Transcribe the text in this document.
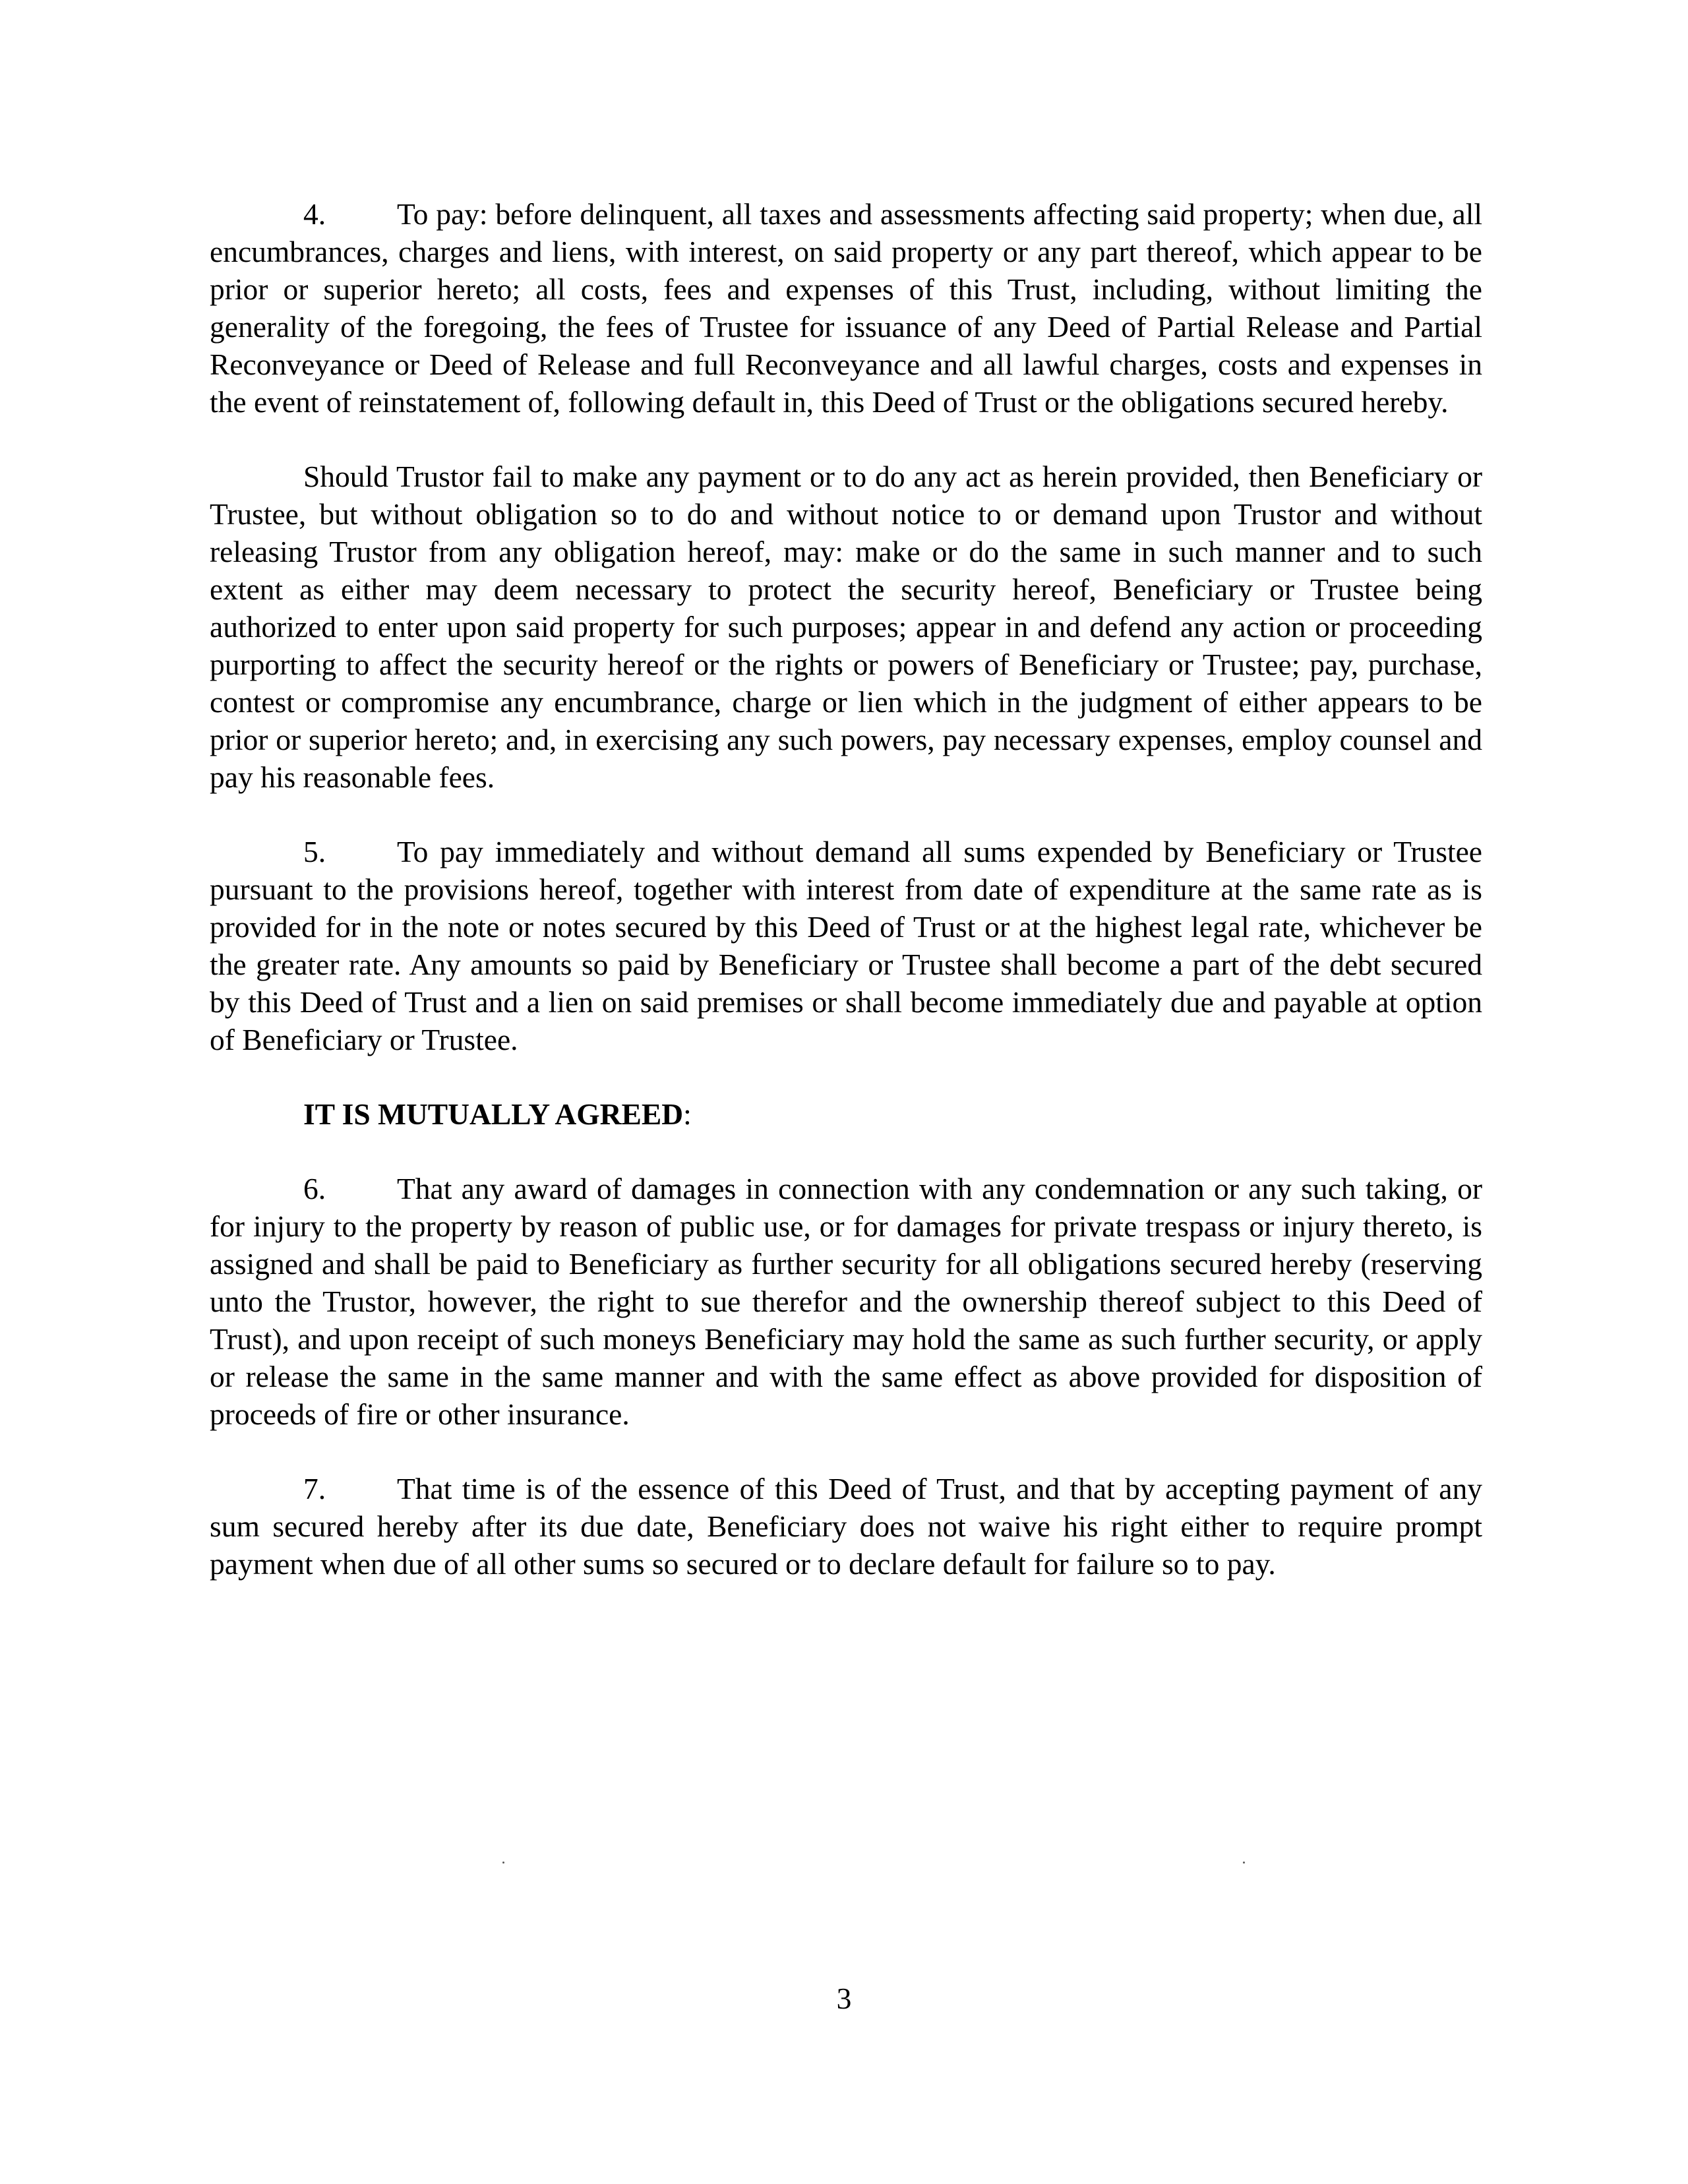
4. To pay: before delinquent, all taxes and assessments affecting said property; when due, all encumbrances, charges and liens, with interest, on said property or any part thereof, which appear to be prior or superior hereto; all costs, fees and expenses of this Trust, including, without limiting the generality of the foregoing, the fees of Trustee for issuance of any Deed of Partial Release and Partial Reconveyance or Deed of Release and full Reconveyance and all lawful charges, costs and expenses in the event of reinstatement of, following default in, this Deed of Trust or the obligations secured hereby.

Should Trustor fail to make any payment or to do any act as herein provided, then Beneficiary or Trustee, but without obligation so to do and without notice to or demand upon Trustor and without releasing Trustor from any obligation hereof, may: make or do the same in such manner and to such extent as either may deem necessary to protect the security hereof, Beneficiary or Trustee being authorized to enter upon said property for such purposes; appear in and defend any action or proceeding purporting to affect the security hereof or the rights or powers of Beneficiary or Trustee; pay, purchase, contest or compromise any encumbrance, charge or lien which in the judgment of either appears to be prior or superior hereto; and, in exercising any such powers, pay necessary expenses, employ counsel and pay his reasonable fees.

5. To pay immediately and without demand all sums expended by Beneficiary or Trustee pursuant to the provisions hereof, together with interest from date of expenditure at the same rate as is provided for in the note or notes secured by this Deed of Trust or at the highest legal rate, whichever be the greater rate. Any amounts so paid by Beneficiary or Trustee shall become a part of the debt secured by this Deed of Trust and a lien on said premises or shall become immediately due and payable at option of Beneficiary or Trustee.

IT IS MUTUALLY AGREED:

6. That any award of damages in connection with any condemnation or any such taking, or for injury to the property by reason of public use, or for damages for private trespass or injury thereto, is assigned and shall be paid to Beneficiary as further security for all obligations secured hereby (reserving unto the Trustor, however, the right to sue therefor and the ownership thereof subject to this Deed of Trust), and upon receipt of such moneys Beneficiary may hold the same as such further security, or apply or release the same in the same manner and with the same effect as above provided for disposition of proceeds of fire or other insurance.

7. That time is of the essence of this Deed of Trust, and that by accepting payment of any sum secured hereby after its due date, Beneficiary does not waive his right either to require prompt payment when due of all other sums so secured or to declare default for failure so to pay.

3
